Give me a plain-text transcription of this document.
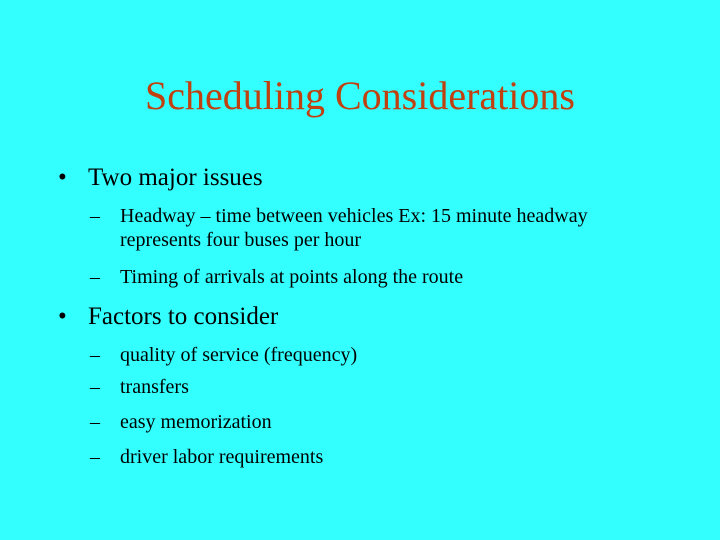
Scheduling Considerations
• Two major issues
– Headway – time between vehicles Ex: 15 minute headway represents four buses per hour
– Timing of arrivals at points along the route
• Factors to consider
– quality of service (frequency)
– transfers
– easy memorization
– driver labor requirements
